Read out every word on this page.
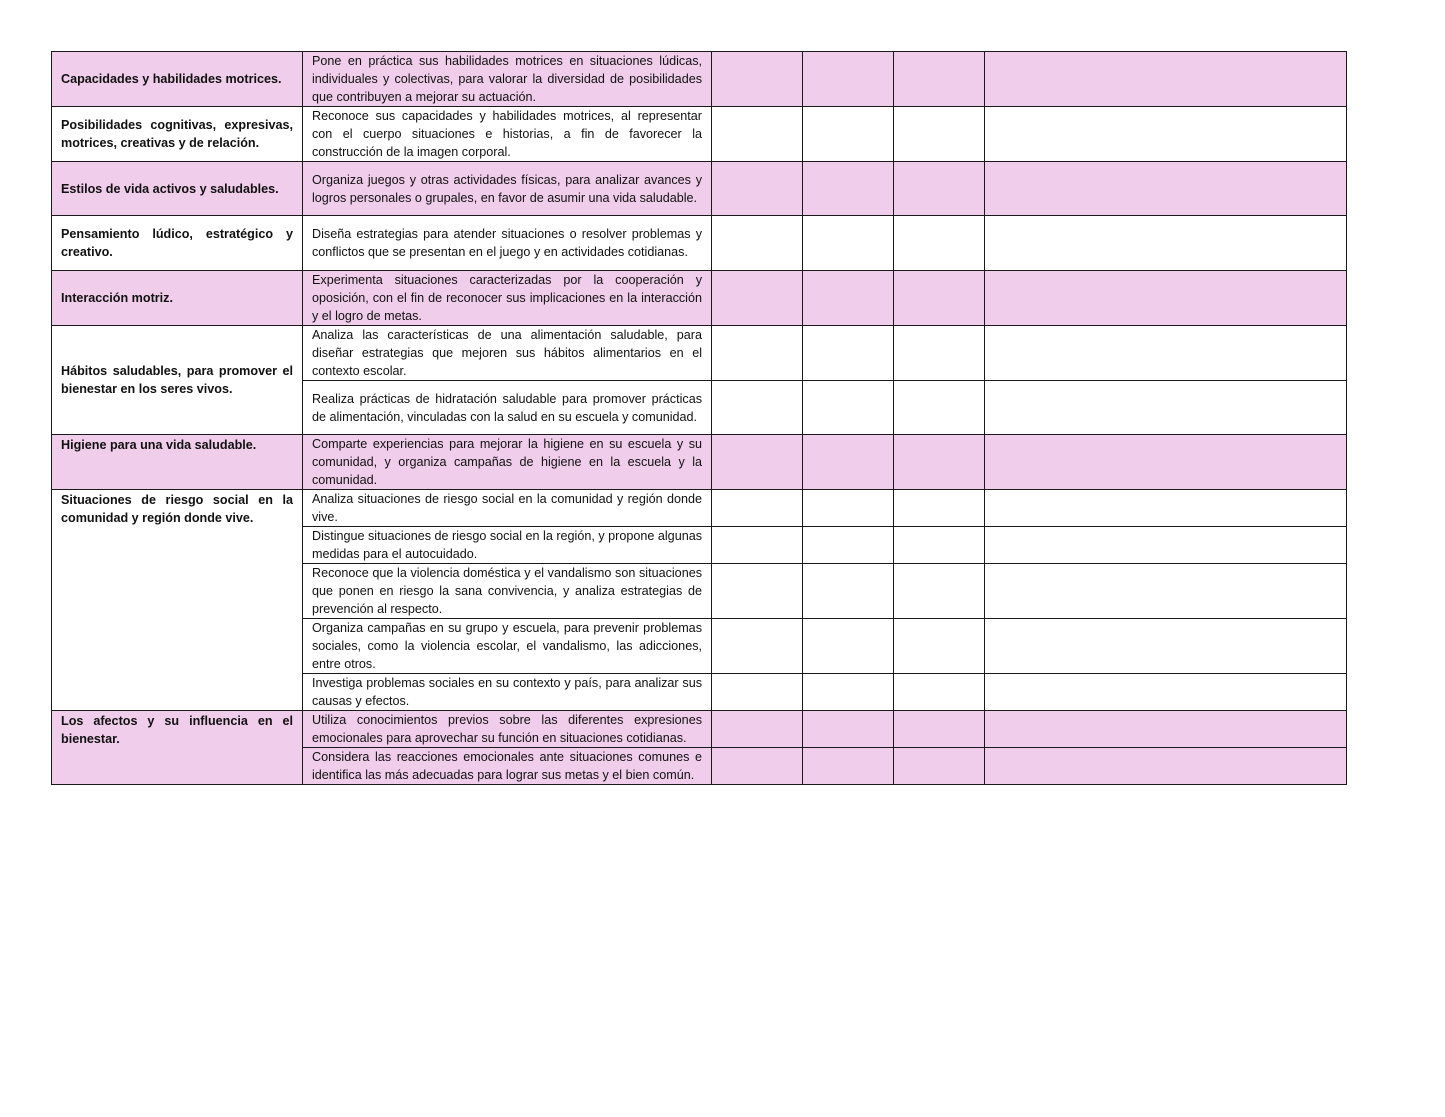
Capacidades y habilidades motrices.	Pone en práctica sus habilidades motrices en situaciones lúdicas, individuales y colectivas, para valorar la diversidad de posibilidades que contribuyen a mejorar su actuación.				
Posibilidades cognitivas, expresivas, motrices, creativas y de relación.	Reconoce sus capacidades y habilidades motrices, al representar con el cuerpo situaciones e historias, a fin de favorecer la construcción de la imagen corporal.				
Estilos de vida activos y saludables.	Organiza juegos y otras actividades físicas, para analizar avances y logros personales o grupales, en favor de asumir una vida saludable.				
Pensamiento lúdico, estratégico y creativo.	Diseña estrategias para atender situaciones o resolver problemas y conflictos que se presentan en el juego y en actividades cotidianas.				
Interacción motriz.	Experimenta situaciones caracterizadas por la cooperación y oposición, con el fin de reconocer sus implicaciones en la interacción y el logro de metas.				
Hábitos saludables, para promover el bienestar en los seres vivos.	Analiza las características de una alimentación saludable, para diseñar estrategias que mejoren sus hábitos alimentarios en el contexto escolar.				
	Realiza prácticas de hidratación saludable para promover prácticas de alimentación, vinculadas con la salud en su escuela y comunidad.				
Higiene para una vida saludable.	Comparte experiencias para mejorar la higiene en su escuela y su comunidad, y organiza campañas de higiene en la escuela y la comunidad.				
Situaciones de riesgo social en la comunidad y región donde vive.	Analiza situaciones de riesgo social en la comunidad y región donde vive.				
	Distingue situaciones de riesgo social en la región, y propone algunas medidas para el autocuidado.				
	Reconoce que la violencia doméstica y el vandalismo son situaciones que ponen en riesgo la sana convivencia, y analiza estrategias de prevención al respecto.				
	Organiza campañas en su grupo y escuela, para prevenir problemas sociales, como la violencia escolar, el vandalismo, las adicciones, entre otros.				
	Investiga problemas sociales en su contexto y país, para analizar sus causas y efectos.				
Los afectos y su influencia en el bienestar.	Utiliza conocimientos previos sobre las diferentes expresiones emocionales para aprovechar su función en situaciones cotidianas.				
	Considera las reacciones emocionales ante situaciones comunes e identifica las más adecuadas para lograr sus metas y el bien común.				
